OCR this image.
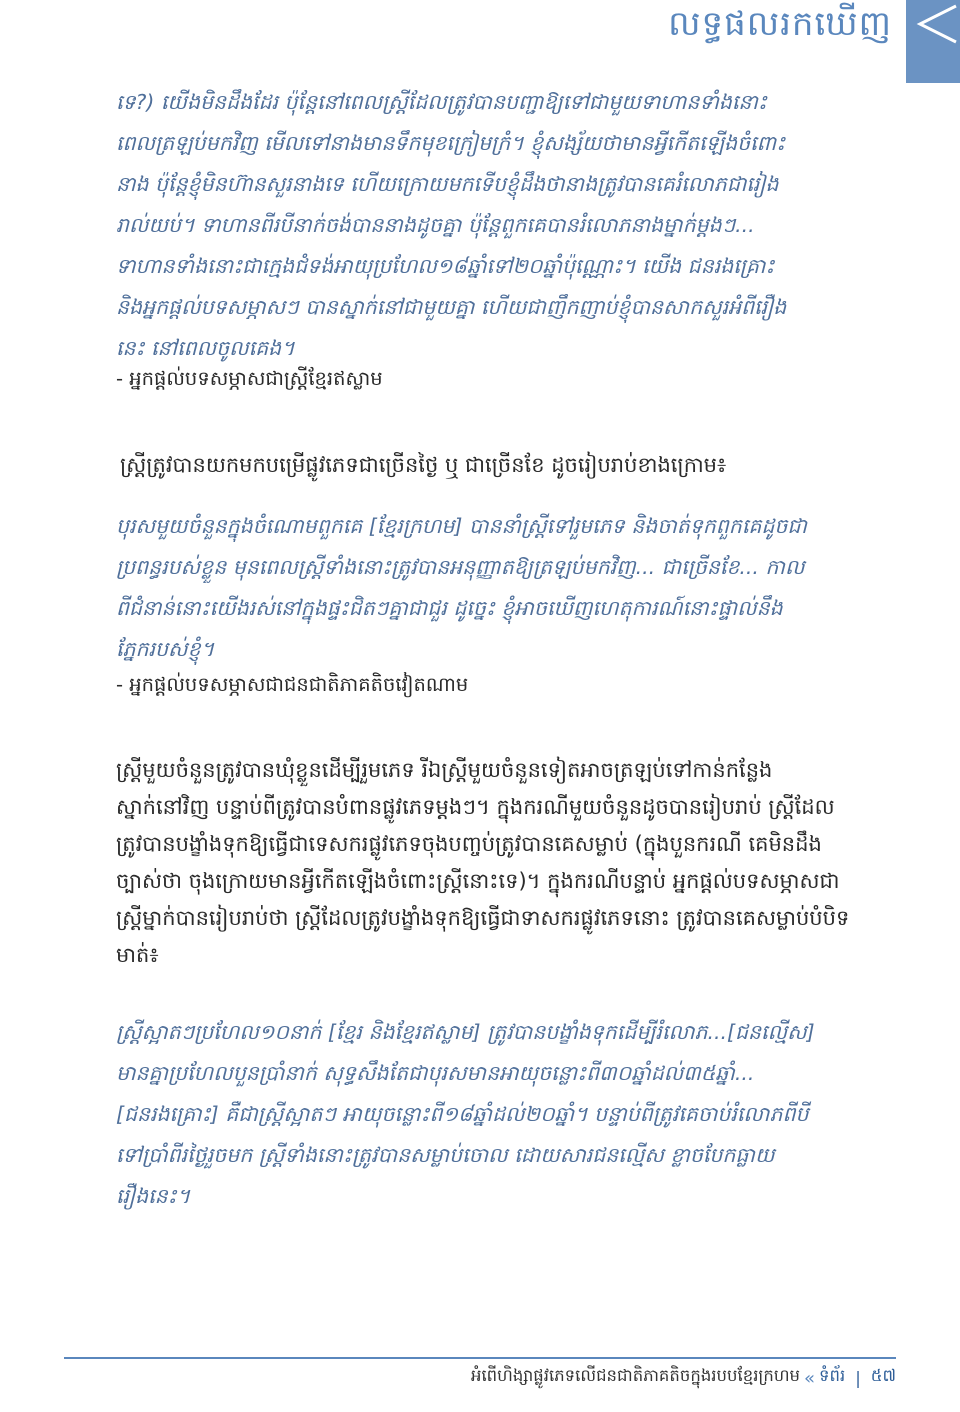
លទ្ធផលរកឃើញ
ទេ?) យើងមិនដឹងដែរ ប៉ុន្តែនៅពេលស្ត្រីដែលត្រូវបានបញ្ជាឱ្យទៅជាមួយទាហានទាំងនោះ
ពេលត្រឡប់មកវិញ មើលទៅនាងមានទឹកមុខក្រៀមក្រំ។ ខ្ញុំសង្ស័យថាមានអ្វីកើតឡើងចំពោះ
នាង ប៉ុន្តែខ្ញុំមិនហ៊ានសួរនាងទេ ហើយក្រោយមកទើបខ្ញុំដឹងថានាងត្រូវបានគេរំលោភជារៀង
រាល់យប់។ ទាហានពីរបីនាក់ចង់បាននាងដូចគ្នា ប៉ុន្តែពួកគេបានរំលោភនាងម្នាក់ម្តងៗ...
ទាហានទាំងនោះជាក្មេងជំទង់អាយុប្រហែល១៨ឆ្នាំទៅ២០ឆ្នាំប៉ុណ្ណោះ។ យើង ជនរងគ្រោះ
និងអ្នកផ្តល់បទសម្ភាសៗ បានស្នាក់នៅជាមួយគ្នា ហើយជាញឹកញាប់ខ្ញុំបានសាកសួរអំពីរឿង
នេះ នៅពេលចូលគេង។
- អ្នកផ្តល់បទសម្ភាសជាស្ត្រីខ្មែរឥស្លាម
ស្ត្រីត្រូវបានយកមកបម្រើផ្លូវភេទជាច្រើនថ្ងៃ ឬ ជាច្រើនខែ ដូចរៀបរាប់ខាងក្រោម៖
បុរសមួយចំនួនក្នុងចំណោមពួកគេ [ខ្មែរក្រហម] បាននាំស្ត្រីទៅរួមភេទ និងចាត់ទុកពួកគេដូចជា
ប្រពន្ធរបស់ខ្លួន មុនពេលស្ត្រីទាំងនោះត្រូវបានអនុញ្ញាតឱ្យត្រឡប់មកវិញ... ជាច្រើនខែ... កាល
ពីជំនាន់នោះយើងរស់នៅក្នុងផ្ទះជិតៗគ្នាជាជួរ ដូច្នេះ ខ្ញុំអាចឃើញហេតុការណ៍នោះផ្ទាល់នឹង
ភ្នែករបស់ខ្ញុំ។
- អ្នកផ្តល់បទសម្ភាសជាជនជាតិភាគតិចវៀតណាម
ស្ត្រីមួយចំនួនត្រូវបានឃុំខ្លួនដើម្បីរួមភេទ រីឯស្ត្រីមួយចំនួនទៀតអាចត្រឡប់ទៅកាន់កន្លែង
ស្នាក់នៅវិញ បន្ទាប់ពីត្រូវបានបំពានផ្លូវភេទម្តងៗ។ ក្នុងករណីមួយចំនួនដូចបានរៀបរាប់ ស្ត្រីដែល
ត្រូវបានបង្ខាំងទុកឱ្យធ្វើជាទេសករផ្លូវភេទចុងបញ្ចប់ត្រូវបានគេសម្លាប់ (ក្នុងបួនករណី គេមិនដឹង
ច្បាស់ថា ចុងក្រោយមានអ្វីកើតឡើងចំពោះស្ត្រីនោះទេ)។ ក្នុងករណីបន្ទាប់ អ្នកផ្តល់បទសម្ភាសជា
ស្ត្រីម្នាក់បានរៀបរាប់ថា ស្ត្រីដែលត្រូវបង្ខាំងទុកឱ្យធ្វើជាទាសករផ្លូវភេទនោះ ត្រូវបានគេសម្លាប់បំបិទ
មាត់៖
ស្ត្រីស្អាតៗប្រហែល១០នាក់ [ខ្មែរ និងខ្មែរឥស្លាម] ត្រូវបានបង្ខាំងទុកដើម្បីរំលោភ...[ជនល្មើស]
មានគ្នាប្រហែលបួនប្រាំនាក់ សុទ្ធសឹងតែជាបុរសមានអាយុចន្លោះពី៣០ឆ្នាំដល់៣៥ឆ្នាំ...
[ជនរងគ្រោះ] គឺជាស្ត្រីស្អាតៗ អាយុចន្លោះពី១៨ឆ្នាំដល់២០ឆ្នាំ។ បន្ទាប់ពីត្រូវគេចាប់រំលោភពីបី
ទៅប្រាំពីរថ្ងៃរួចមក ស្ត្រីទាំងនោះត្រូវបានសម្លាប់ចោល ដោយសារជនល្មើស ខ្លាចបែកធ្លាយ
រឿងនេះ។
អំពើហិង្សាផ្លូវភេទលើជនជាតិភាគតិចក្នុងរបបខ្មែរក្រហម « ទំព័រ | ៥៧
